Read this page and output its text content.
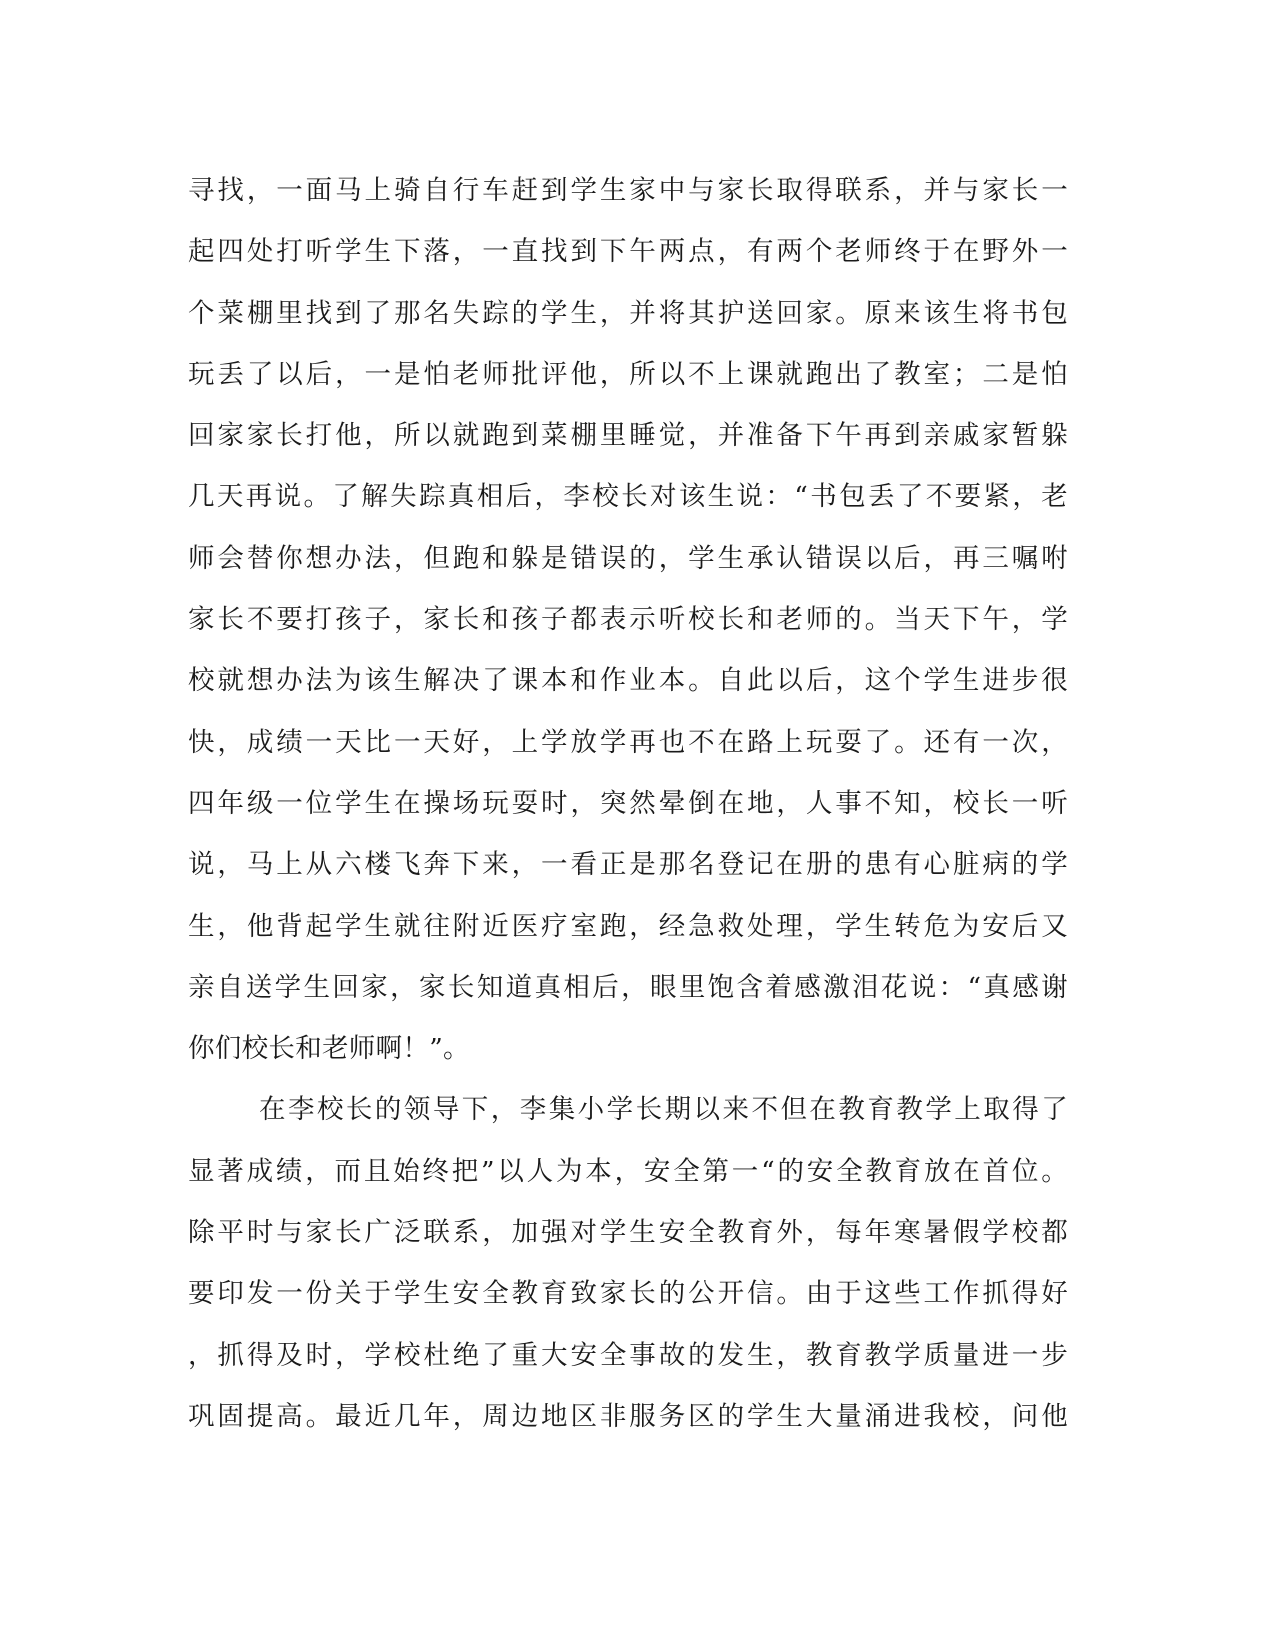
寻找，一面马上骑自行车赶到学生家中与家长取得联系，并与家长一
起四处打听学生下落，一直找到下午两点，有两个老师终于在野外一
个菜棚里找到了那名失踪的学生，并将其护送回家。原来该生将书包
玩丢了以后，一是怕老师批评他，所以不上课就跑出了教室；二是怕
回家家长打他，所以就跑到菜棚里睡觉，并准备下午再到亲戚家暂躲
几天再说。了解失踪真相后，李校长对该生说：“书包丢了不要紧，老
师会替你想办法，但跑和躲是错误的，学生承认错误以后，再三嘱咐
家长不要打孩子，家长和孩子都表示听校长和老师的。当天下午，学
校就想办法为该生解决了课本和作业本。自此以后，这个学生进步很
快，成绩一天比一天好，上学放学再也不在路上玩耍了。还有一次，
四年级一位学生在操场玩耍时，突然晕倒在地，人事不知，校长一听
说，马上从六楼飞奔下来，一看正是那名登记在册的患有心脏病的学
生，他背起学生就往附近医疗室跑，经急救处理，学生转危为安后又
亲自送学生回家，家长知道真相后，眼里饱含着感激泪花说：“真感谢
你们校长和老师啊！”。
在李校长的领导下，李集小学长期以来不但在教育教学上取得了
显著成绩，而且始终把”以人为本，安全第一“的安全教育放在首位。
除平时与家长广泛联系，加强对学生安全教育外，每年寒暑假学校都
要印发一份关于学生安全教育致家长的公开信。由于这些工作抓得好
，抓得及时，学校杜绝了重大安全事故的发生，教育教学质量进一步
巩固提高。最近几年，周边地区非服务区的学生大量涌进我校，问他
